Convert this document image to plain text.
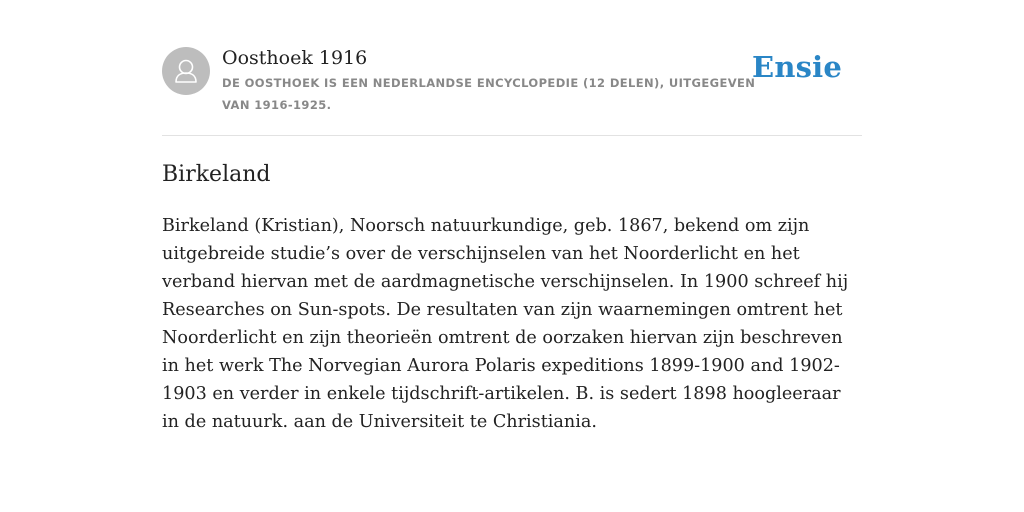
Oosthoek 1916
DE OOSTHOEK IS EEN NEDERLANDSE ENCYCLOPEDIE (12 DELEN), UITGEGEVEN VAN 1916-1925.
Ensie
Birkeland

Birkeland (Kristian), Noorsch natuurkundige, geb. 1867, bekend om zijn uitgebreide studie’s over de verschijnselen van het Noorderlicht en het verband hiervan met de aardmagnetische verschijnselen. In 1900 schreef hij Researches on Sun-spots. De resultaten van zijn waarnemingen omtrent het Noorderlicht en zijn theorieën omtrent de oorzaken hiervan zijn beschreven in het werk The Norvegian Aurora Polaris expeditions 1899-1900 and 1902-1903 en verder in enkele tijdschrift-artikelen. B. is sedert 1898 hoogleeraar in de natuurk. aan de Universiteit te Christiania.
